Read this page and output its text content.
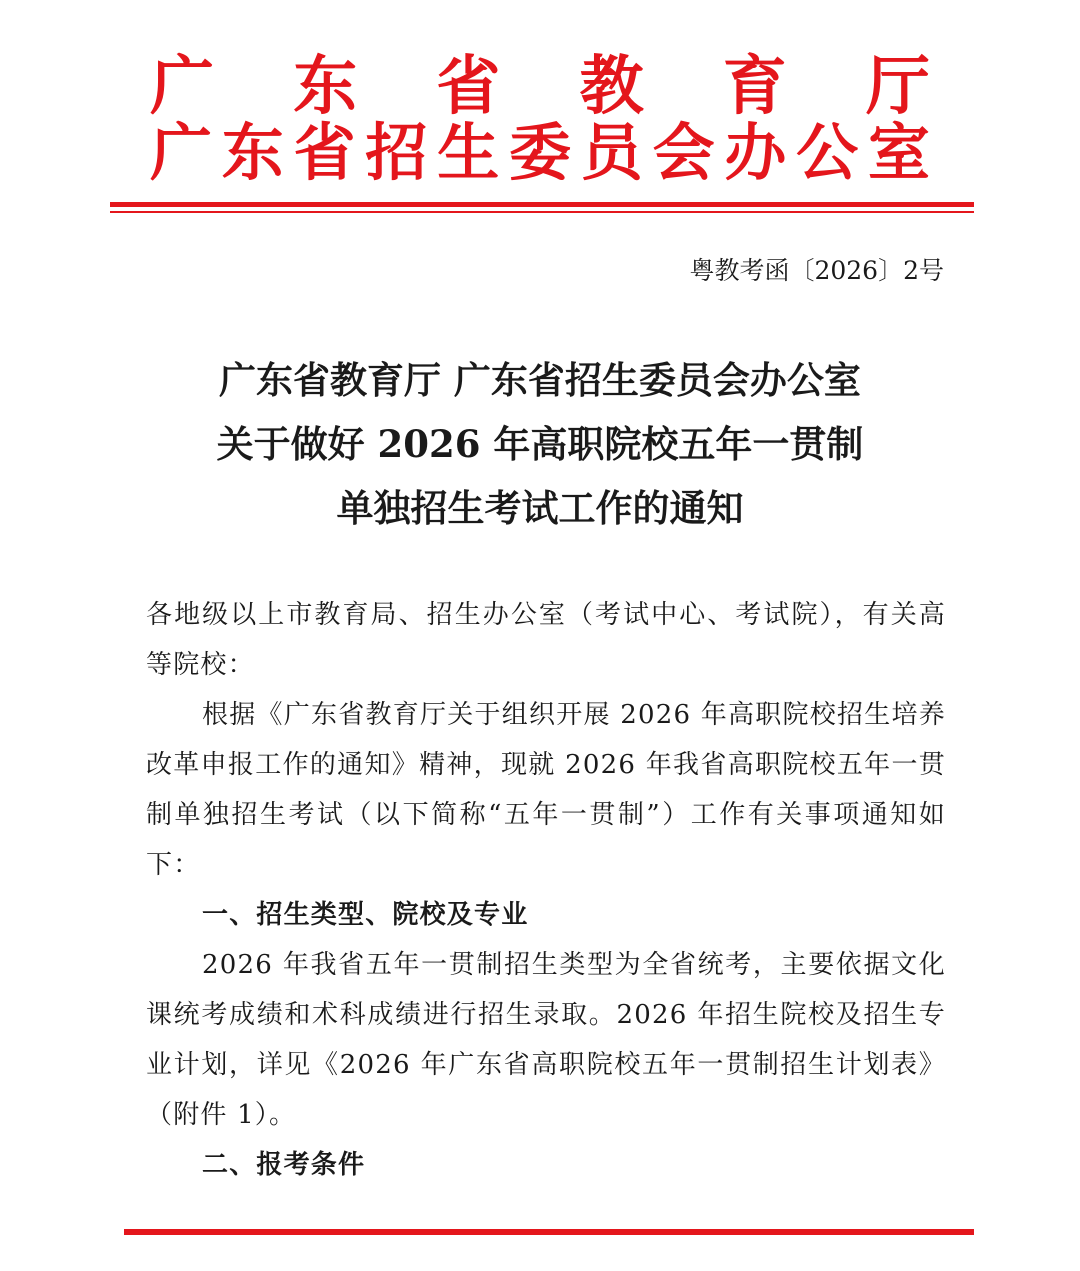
广 东 省 教 育 厅
广 东 省 招 生 委 员 会 办 公 室
粤教考函〔2026〕2号
广东省教育厅 广东省招生委员会办公室
关于做好 2026 年高职院校五年一贯制
单独招生考试工作的通知

各地级以上市教育局、招生办公室（考试中心、考试院），有关高等院校：

根据《广东省教育厅关于组织开展 2026 年高职院校招生培养改革申报工作的通知》精神，现就 2026 年我省高职院校五年一贯制单独招生考试（以下简称“五年一贯制”）工作有关事项通知如下：

一、招生类型、院校及专业

2026 年我省五年一贯制招生类型为全省统考，主要依据文化课统考成绩和术科成绩进行招生录取。2026 年招生院校及招生专业计划，详见《2026 年广东省高职院校五年一贯制招生计划表》（附件 1）。

二、报考条件
